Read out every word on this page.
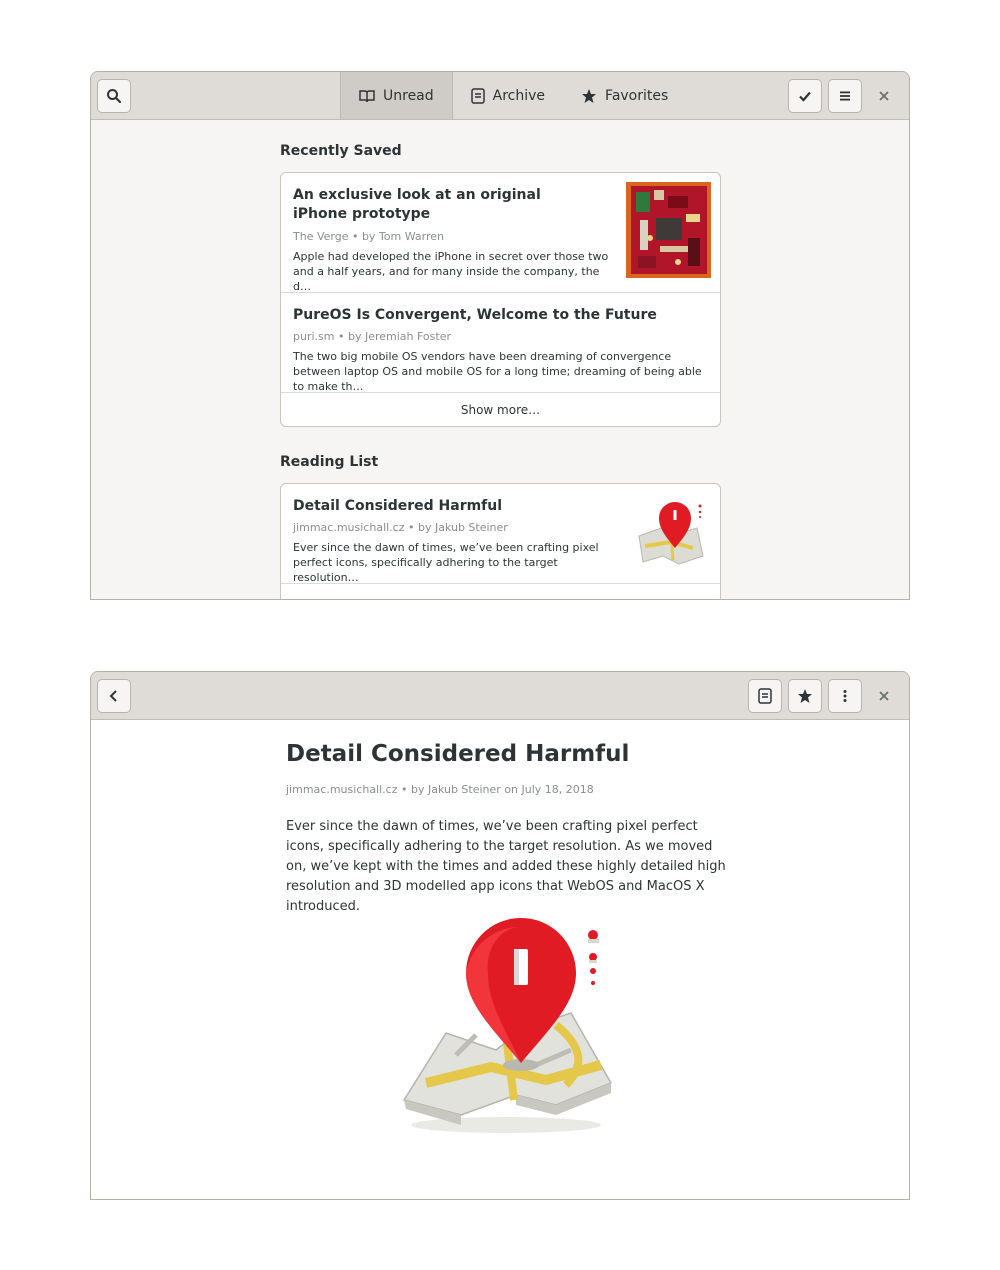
Unread	Archive	Favorites
Recently Saved
An exclusive look at an original iPhone prototype
The Verge • by Tom Warren
Apple had developed the iPhone in secret over those two and a half years, and for many inside the company, the d…
PureOS Is Convergent, Welcome to the Future
puri.sm • by Jeremiah Foster
The two big mobile OS vendors have been dreaming of convergence between laptop OS and mobile OS for a long time; dreaming of being able to make th…
Show more…
Reading List
Detail Considered Harmful
jimmac.musichall.cz • by Jakub Steiner
Ever since the dawn of times, we’ve been crafting pixel perfect icons, specifically adhering to the target resolution…
Detail Considered Harmful
jimmac.musichall.cz • by Jakub Steiner on July 18, 2018
Ever since the dawn of times, we’ve been crafting pixel perfect icons, specifically adhering to the target resolution. As we moved on, we’ve kept with the times and added these highly detailed high resolution and 3D modelled app icons that WebOS and MacOS X introduced.
